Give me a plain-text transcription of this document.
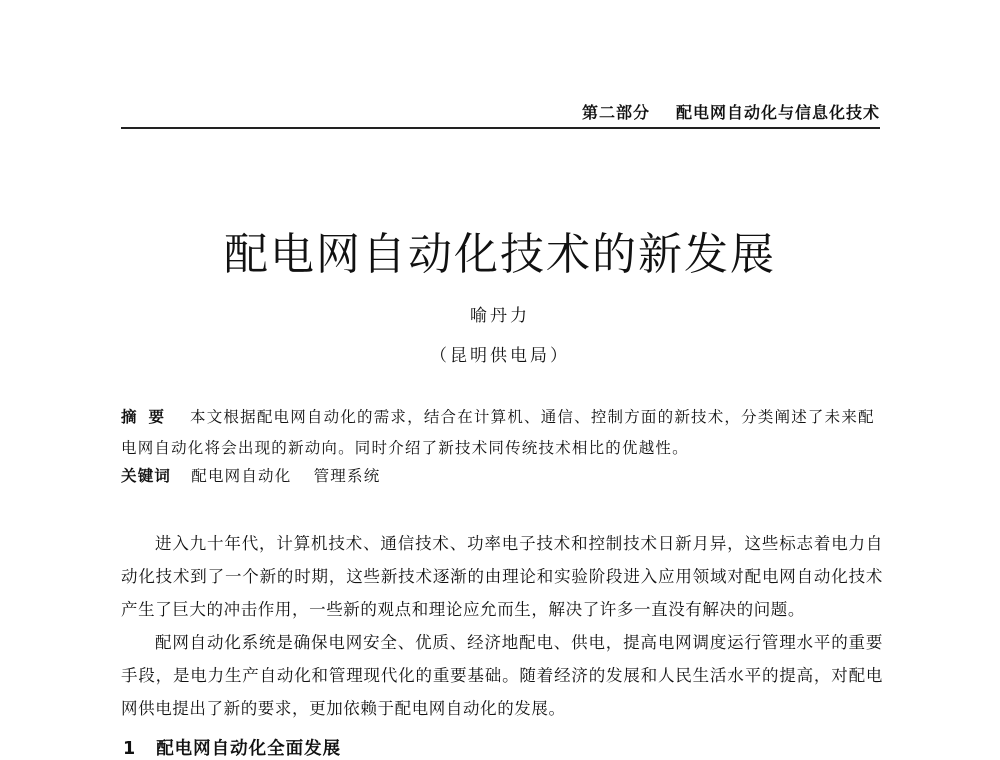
第二部分 配电网自动化与信息化技术
配电网自动化技术的新发展
喻丹力
（昆明供电局）
摘要 本文根据配电网自动化的需求，结合在计算机、通信、控制方面的新技术，分类阐述了未来配电网自动化将会出现的新动向。同时介绍了新技术同传统技术相比的优越性。
关键词 配电网自动化 管理系统

进入九十年代，计算机技术、通信技术、功率电子技术和控制技术日新月异，这些标志着电力自动化技术到了一个新的时期，这些新技术逐渐的由理论和实验阶段进入应用领域对配电网自动化技术产生了巨大的冲击作用，一些新的观点和理论应允而生，解决了许多一直没有解决的问题。

配网自动化系统是确保电网安全、优质、经济地配电、供电，提高电网调度运行管理水平的重要手段，是电力生产自动化和管理现代化的重要基础。随着经济的发展和人民生活水平的提高，对配电网供电提出了新的要求，更加依赖于配电网自动化的发展。

1 配电网自动化全面发展
